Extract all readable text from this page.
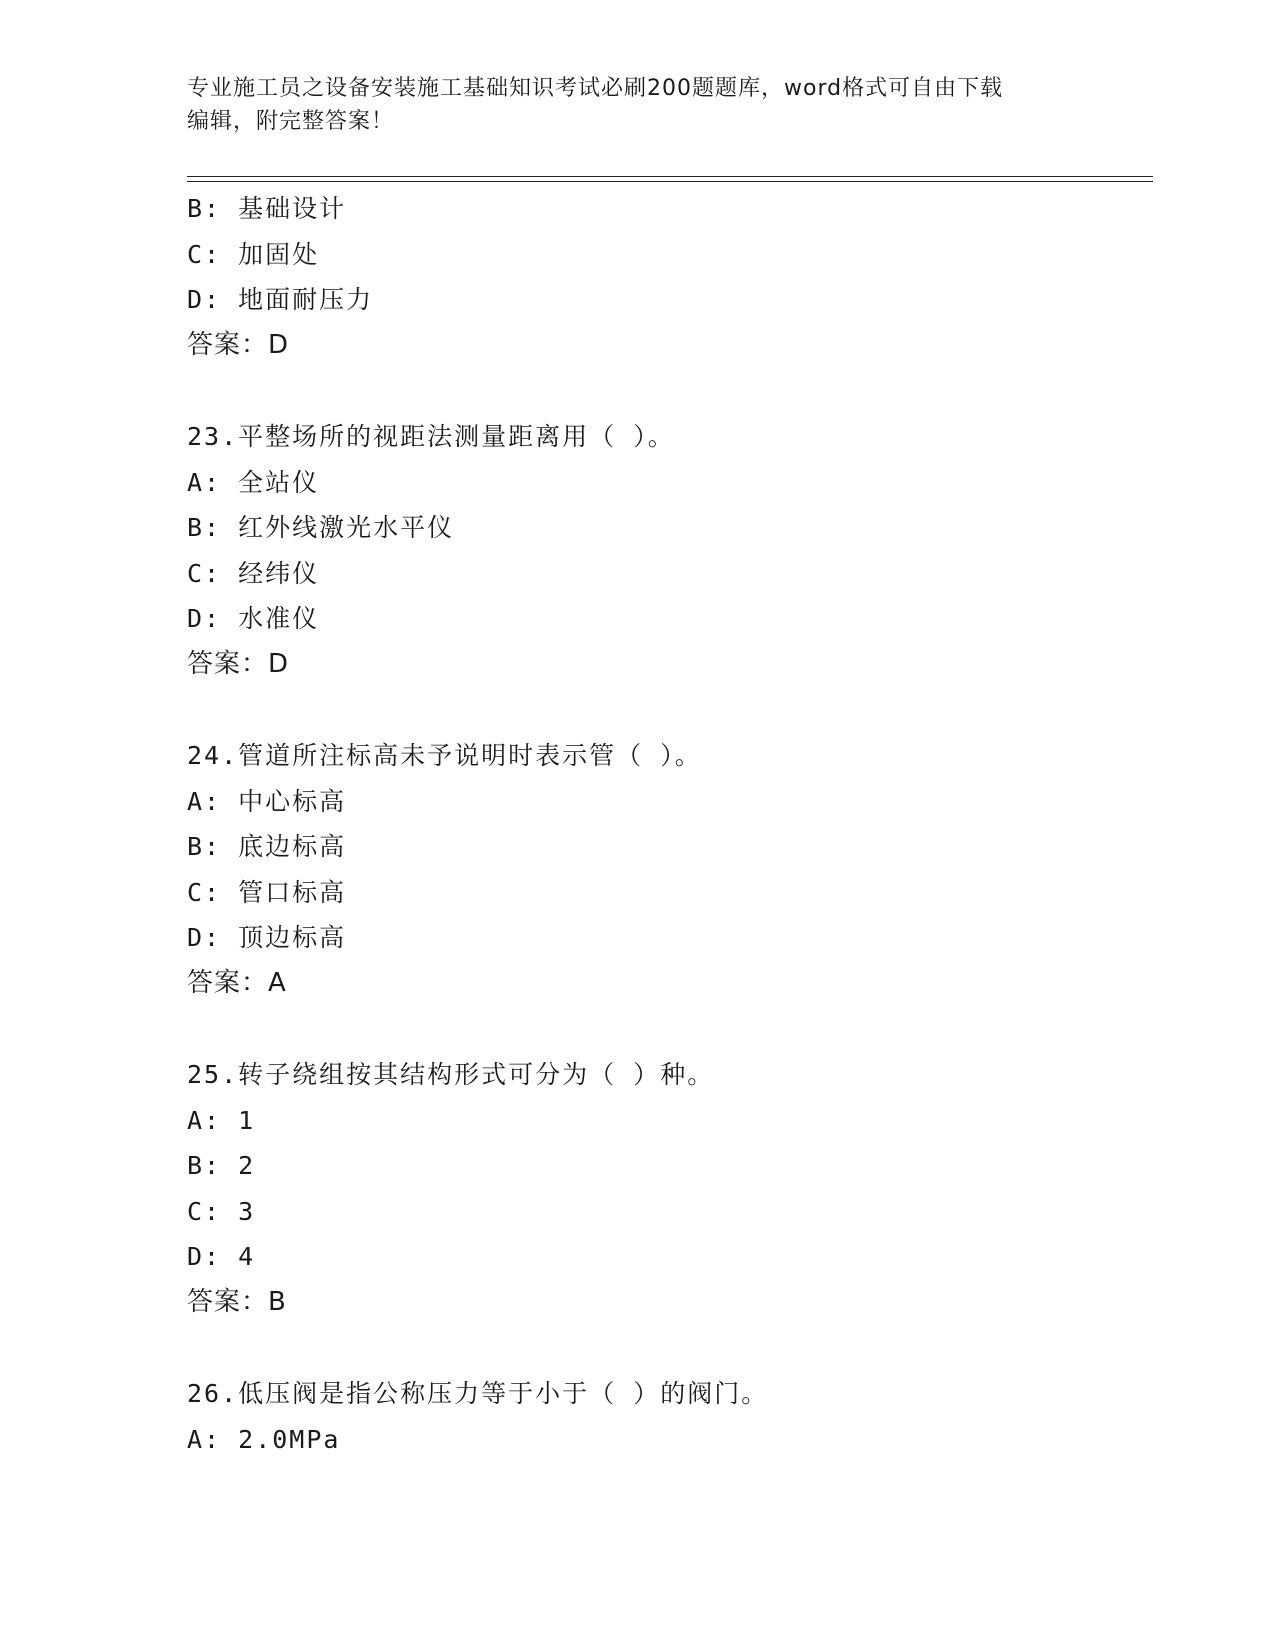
专业施工员之设备安装施工基础知识考试必刷200题题库，word格式可自由下载
编辑，附完整答案！
B: 基础设计
C: 加固处
D: 地面耐压力
答案：D
23.平整场所的视距法测量距离用（ ）。
A: 全站仪
B: 红外线激光水平仪
C: 经纬仪
D: 水准仪
答案：D
24.管道所注标高未予说明时表示管（ ）。
A: 中心标高
B: 底边标高
C: 管口标高
D: 顶边标高
答案：A
25.转子绕组按其结构形式可分为（ ）种。
A: 1
B: 2
C: 3
D: 4
答案：B
26.低压阀是指公称压力等于小于（ ）的阀门。
A: 2.0MPa
